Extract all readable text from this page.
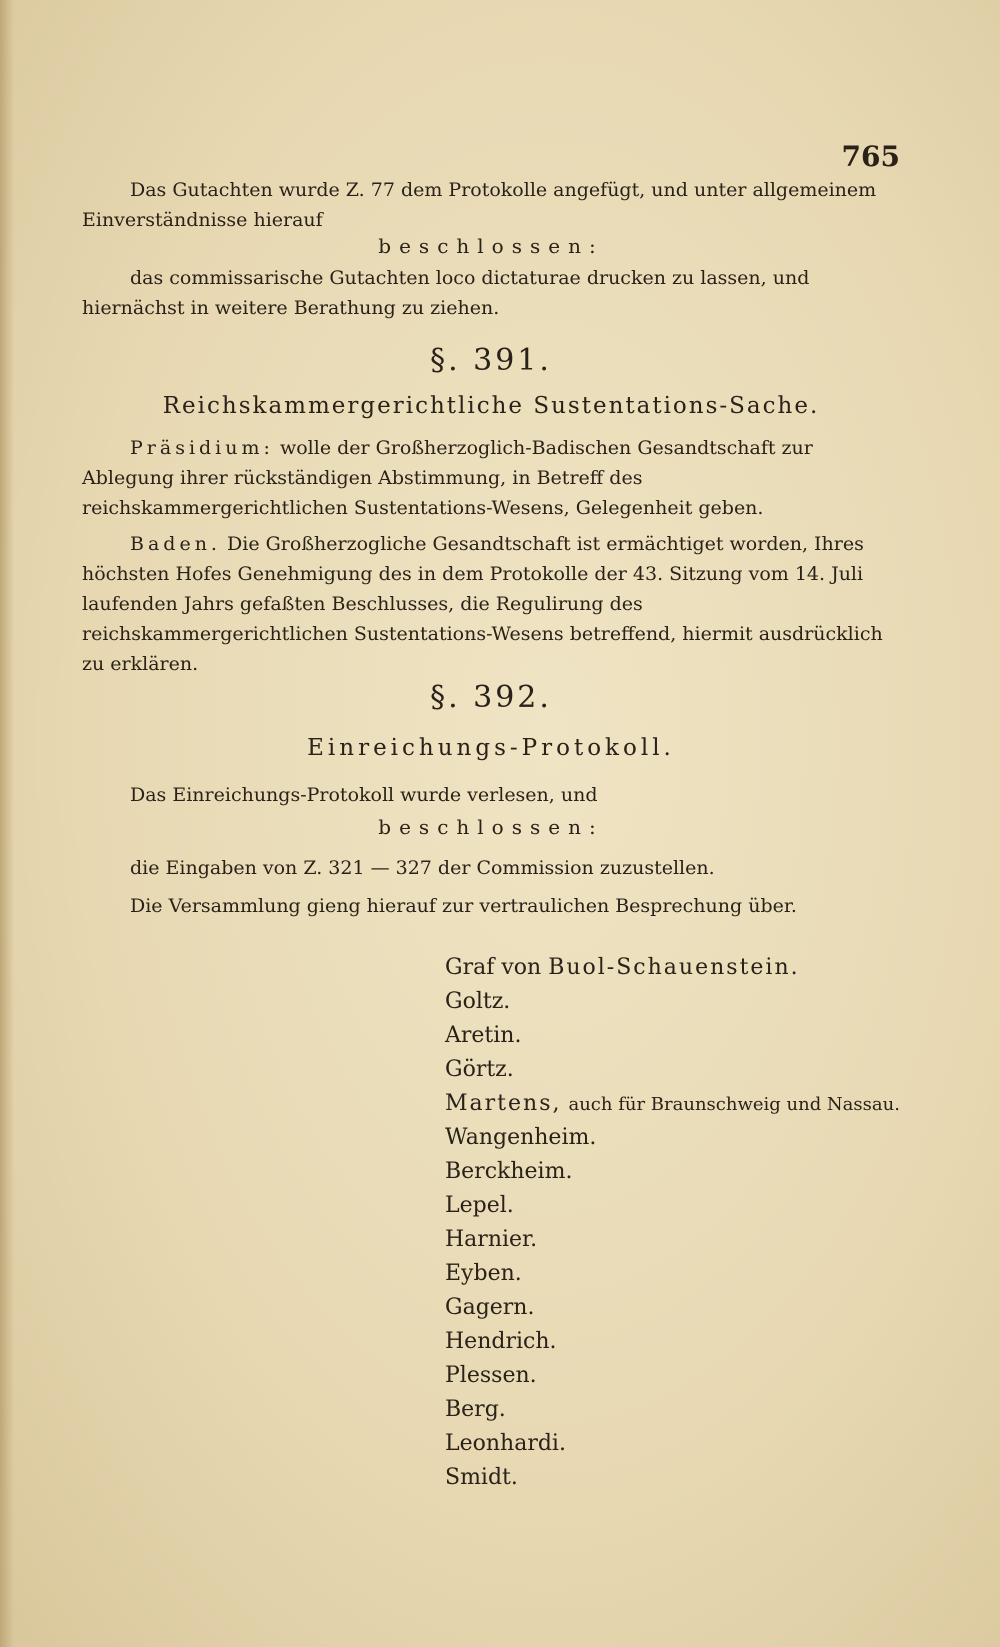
765
Das Gutachten wurde Z. 77 dem Protokolle angefügt, und unter allgemeinem Einverständnisse hierauf
beschlossen:
das commissarische Gutachten loco dictaturae drucken zu lassen, und hiernächst in weitere Berathung zu ziehen.
§. 391.
Reichskammergerichtliche Sustentations-Sache.
Präsidium: wolle der Großherzoglich-Badischen Gesandtschaft zur Ablegung ihrer rückständigen Abstimmung, in Betreff des reichskammergerichtlichen Sustentations-Wesens, Gelegenheit geben.
Baden. Die Großherzogliche Gesandtschaft ist ermächtiget worden, Ihres höchsten Hofes Genehmigung des in dem Protokolle der 43. Sitzung vom 14. Juli laufenden Jahrs gefaßten Beschlusses, die Regulirung des reichskammergerichtlichen Sustentations-Wesens betreffend, hiermit ausdrücklich zu erklären.
§. 392.
Einreichungs-Protokoll.
Das Einreichungs-Protokoll wurde verlesen, und
beschlossen:
die Eingaben von Z. 321 — 327 der Commission zuzustellen.
Die Versammlung gieng hierauf zur vertraulichen Besprechung über.
Graf von Buol-Schauenstein.
Goltz.
Aretin.
Görtz.
Martens, auch für Braunschweig und Nassau.
Wangenheim.
Berckheim.
Lepel.
Harnier.
Eyben.
Gagern.
Hendrich.
Plessen.
Berg.
Leonhardi.
Smidt.
